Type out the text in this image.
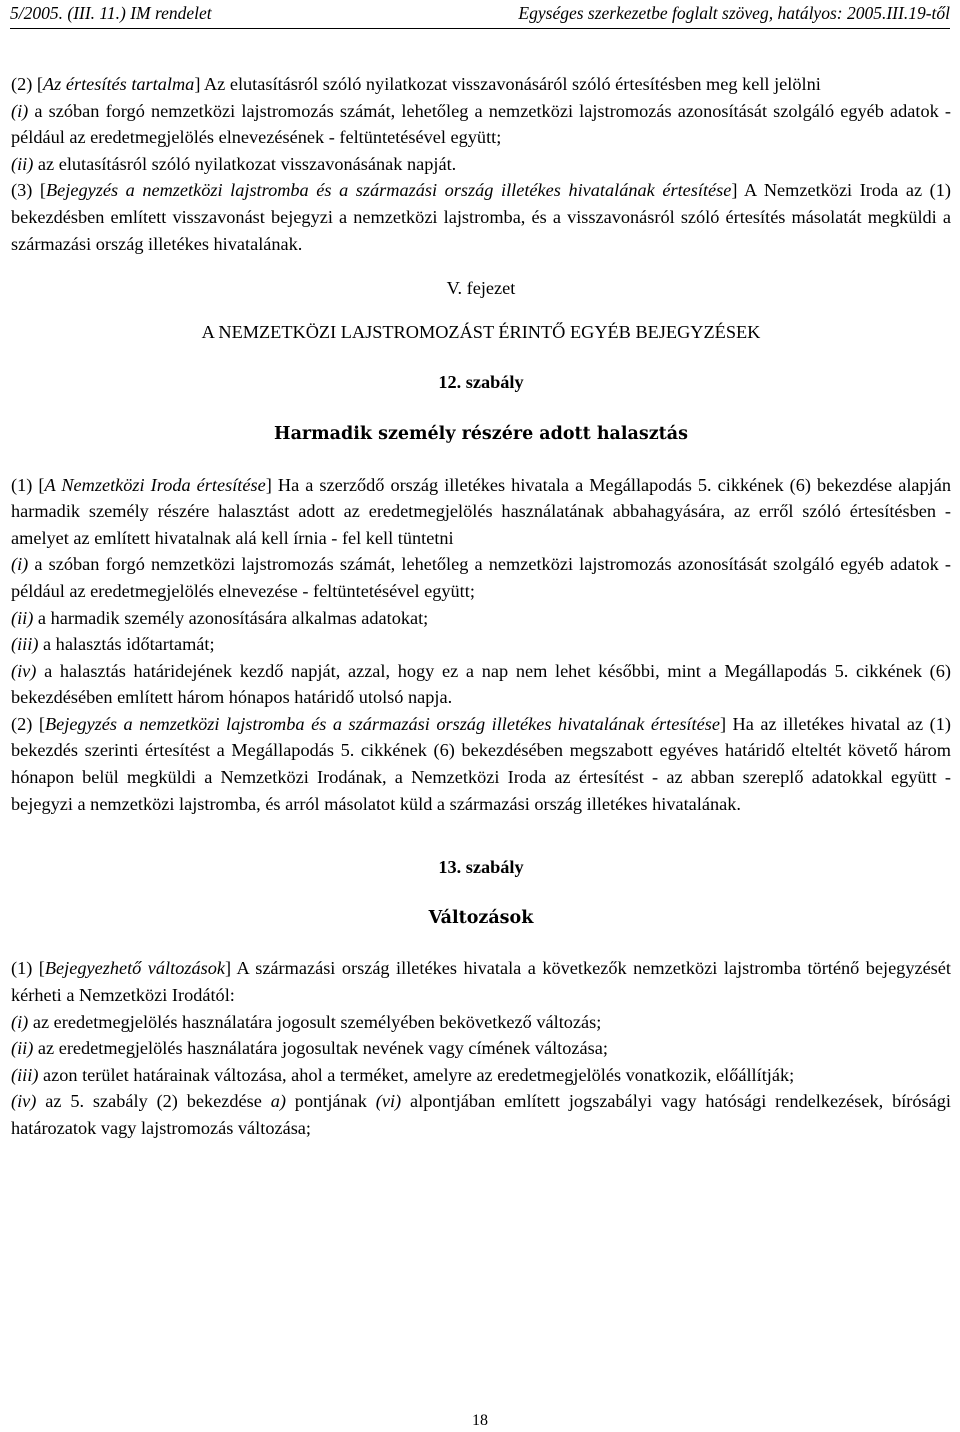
5/2005. (III. 11.) IM rendelet	Egységes szerkezetbe foglalt szöveg, hatályos: 2005.III.19-től

(2) [Az értesítés tartalma] Az elutasításról szóló nyilatkozat visszavonásáról szóló értesítésben meg kell jelölni

(i) a szóban forgó nemzetközi lajstromozás számát, lehetőleg a nemzetközi lajstromozás azonosítását szolgáló egyéb adatok - például az eredetmegjelölés elnevezésének - feltüntetésével együtt;

(ii) az elutasításról szóló nyilatkozat visszavonásának napját.

(3) [Bejegyzés a nemzetközi lajstromba és a származási ország illetékes hivatalának értesítése] A Nemzetközi Iroda az (1) bekezdésben említett visszavonást bejegyzi a nemzetközi lajstromba, és a visszavonásról szóló értesítés másolatát megküldi a származási ország illetékes hivatalának.

V. fejezet

A NEMZETKÖZI LAJSTROMOZÁST ÉRINTŐ EGYÉB BEJEGYZÉSEK

12. szabály

Harmadik személy részére adott halasztás

(1) [A Nemzetközi Iroda értesítése] Ha a szerződő ország illetékes hivatala a Megállapodás 5. cikkének (6) bekezdése alapján harmadik személy részére halasztást adott az eredetmegjelölés használatának abbahagyására, az erről szóló értesítésben - amelyet az említett hivatalnak alá kell írnia - fel kell tüntetni

(i) a szóban forgó nemzetközi lajstromozás számát, lehetőleg a nemzetközi lajstromozás azonosítását szolgáló egyéb adatok - például az eredetmegjelölés elnevezése - feltüntetésével együtt;

(ii) a harmadik személy azonosítására alkalmas adatokat;

(iii) a halasztás időtartamát;

(iv) a halasztás határidejének kezdő napját, azzal, hogy ez a nap nem lehet későbbi, mint a Megállapodás 5. cikkének (6) bekezdésében említett három hónapos határidő utolsó napja.

(2) [Bejegyzés a nemzetközi lajstromba és a származási ország illetékes hivatalának értesítése] Ha az illetékes hivatal az (1) bekezdés szerinti értesítést a Megállapodás 5. cikkének (6) bekezdésében megszabott egyéves határidő elteltét követő három hónapon belül megküldi a Nemzetközi Irodának, a Nemzetközi Iroda az értesítést - az abban szereplő adatokkal együtt - bejegyzi a nemzetközi lajstromba, és arról másolatot küld a származási ország illetékes hivatalának.

13. szabály

Változások

(1) [Bejegyezhető változások] A származási ország illetékes hivatala a következők nemzetközi lajstromba történő bejegyzését kérheti a Nemzetközi Irodától:

(i) az eredetmegjelölés használatára jogosult személyében bekövetkező változás;

(ii) az eredetmegjelölés használatára jogosultak nevének vagy címének változása;

(iii) azon terület határainak változása, ahol a terméket, amelyre az eredetmegjelölés vonatkozik, előállítják;

(iv) az 5. szabály (2) bekezdése a) pontjának (vi) alpontjában említett jogszabályi vagy hatósági rendelkezések, bírósági határozatok vagy lajstromozás változása;

18
